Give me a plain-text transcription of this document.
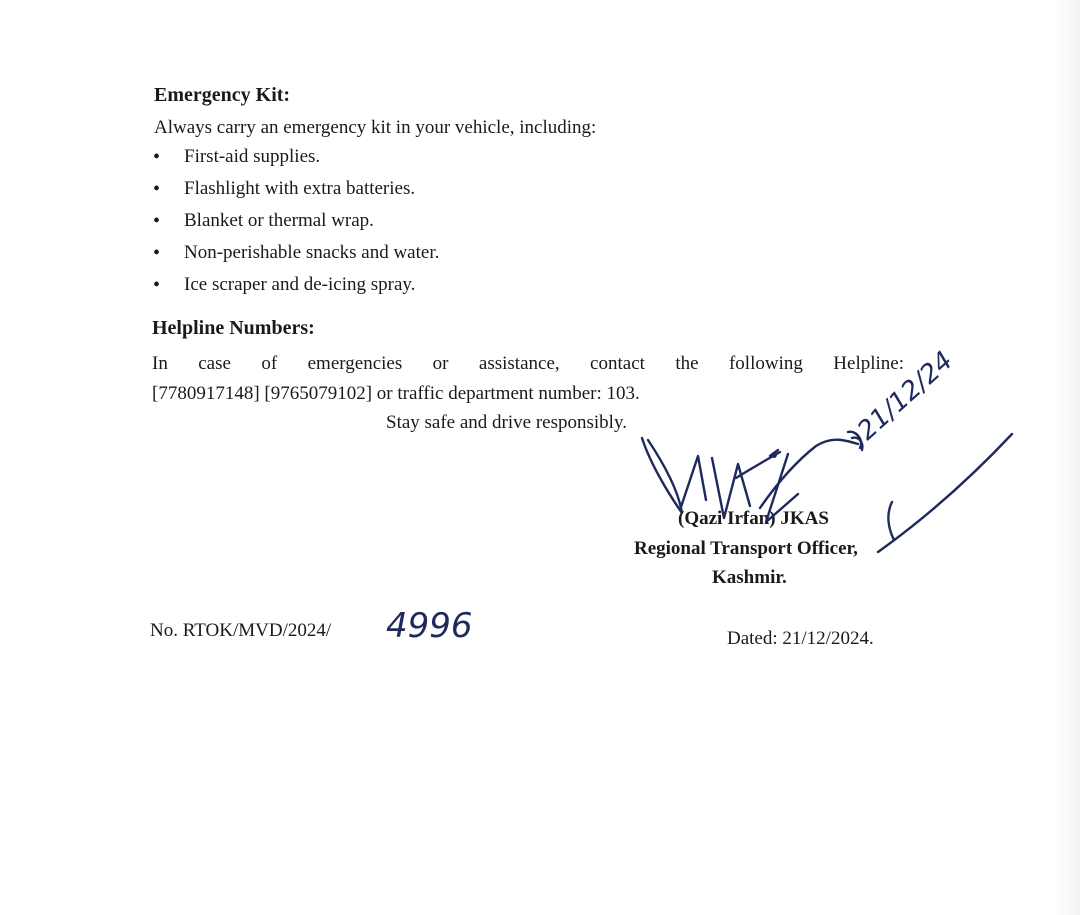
Emergency Kit:
Always carry an emergency kit in your vehicle, including:
• First-aid supplies.
• Flashlight with extra batteries.
• Blanket or thermal wrap.
• Non-perishable snacks and water.
• Ice scraper and de-icing spray.
Helpline Numbers:
In case of emergencies or assistance, contact the following Helpline:
[7780917148] [9765079102] or traffic department number: 103.
Stay safe and drive responsibly.
(Qazi Irfan) JKAS
Regional Transport Officer,
Kashmir.
21/12/24
No. RTOK/MVD/2024/ 4996	Dated: 21/12/2024.
